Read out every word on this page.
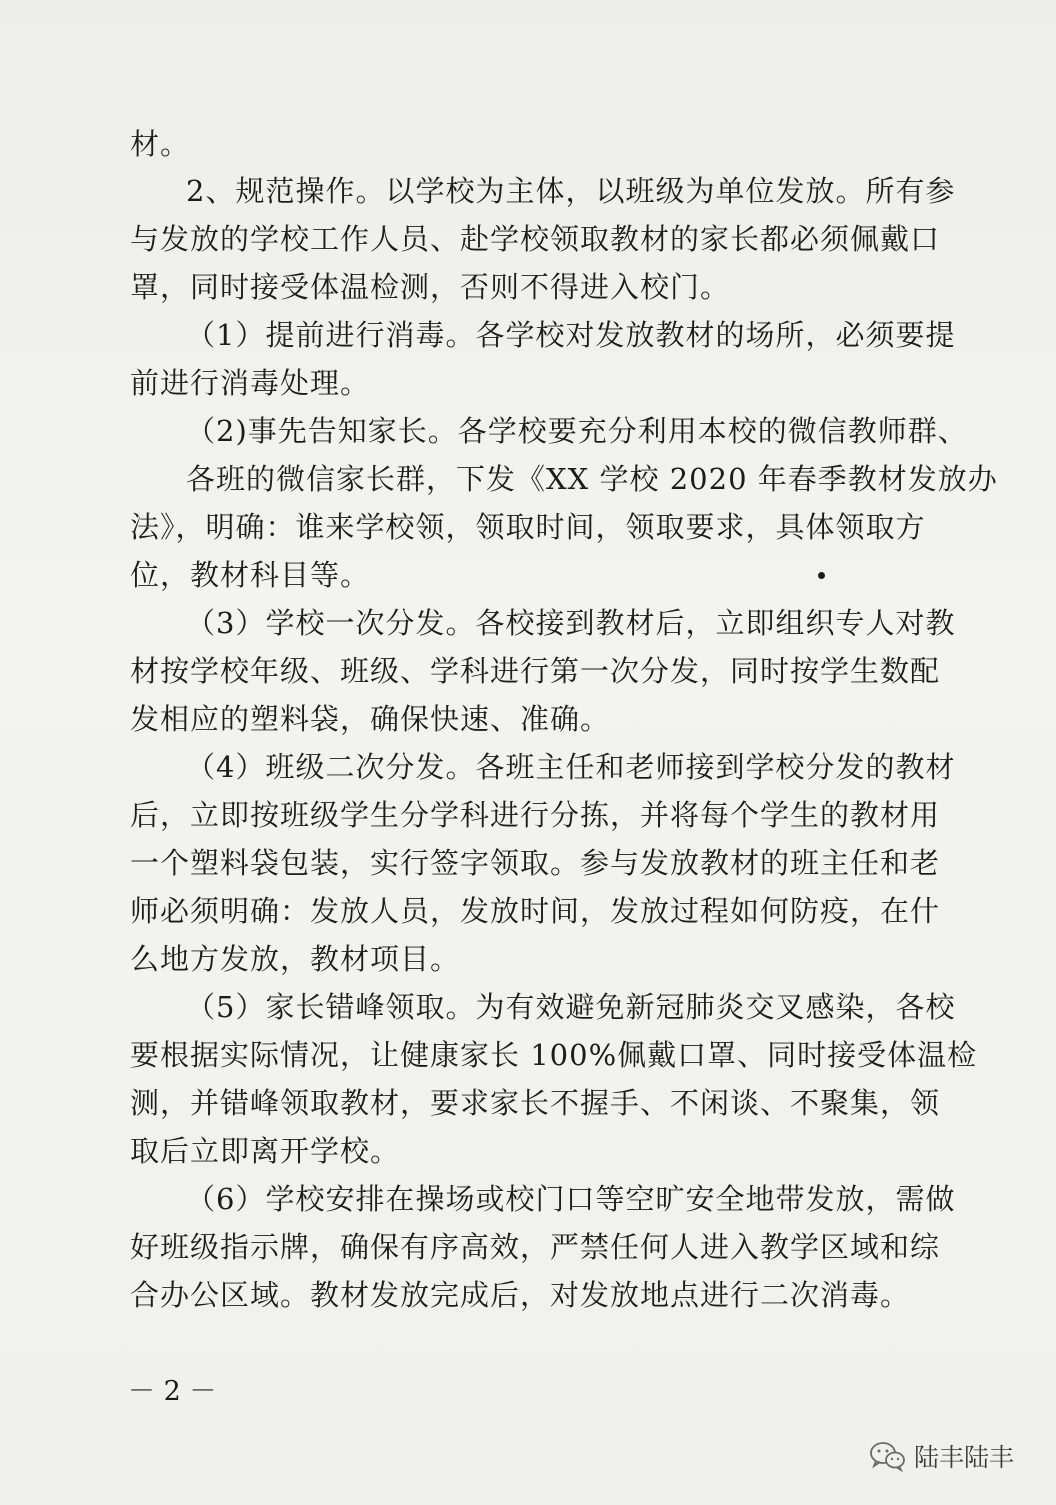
材。
2、规范操作。以学校为主体，以班级为单位发放。所有参
与发放的学校工作人员、赴学校领取教材的家长都必须佩戴口
罩，同时接受体温检测，否则不得进入校门。
（1）提前进行消毒。各学校对发放教材的场所，必须要提
前进行消毒处理。
（2)事先告知家长。各学校要充分利用本校的微信教师群、
各班的微信家长群，下发《XX 学校 2020 年春季教材发放办
法》，明确：谁来学校领，领取时间，领取要求，具体领取方
位，教材科目等。
（3）学校一次分发。各校接到教材后，立即组织专人对教
材按学校年级、班级、学科进行第一次分发，同时按学生数配
发相应的塑料袋，确保快速、准确。
（4）班级二次分发。各班主任和老师接到学校分发的教材
后，立即按班级学生分学科进行分拣，并将每个学生的教材用
一个塑料袋包装，实行签字领取。参与发放教材的班主任和老
师必须明确：发放人员，发放时间，发放过程如何防疫，在什
么地方发放，教材项目。
（5）家长错峰领取。为有效避免新冠肺炎交叉感染，各校
要根据实际情况，让健康家长 100%佩戴口罩、同时接受体温检
测，并错峰领取教材，要求家长不握手、不闲谈、不聚集，领
取后立即离开学校。
（6）学校安排在操场或校门口等空旷安全地带发放，需做
好班级指示牌，确保有序高效，严禁任何人进入教学区域和综
合办公区域。教材发放完成后，对发放地点进行二次消毒。
－ 2 －
陆丰陆丰
